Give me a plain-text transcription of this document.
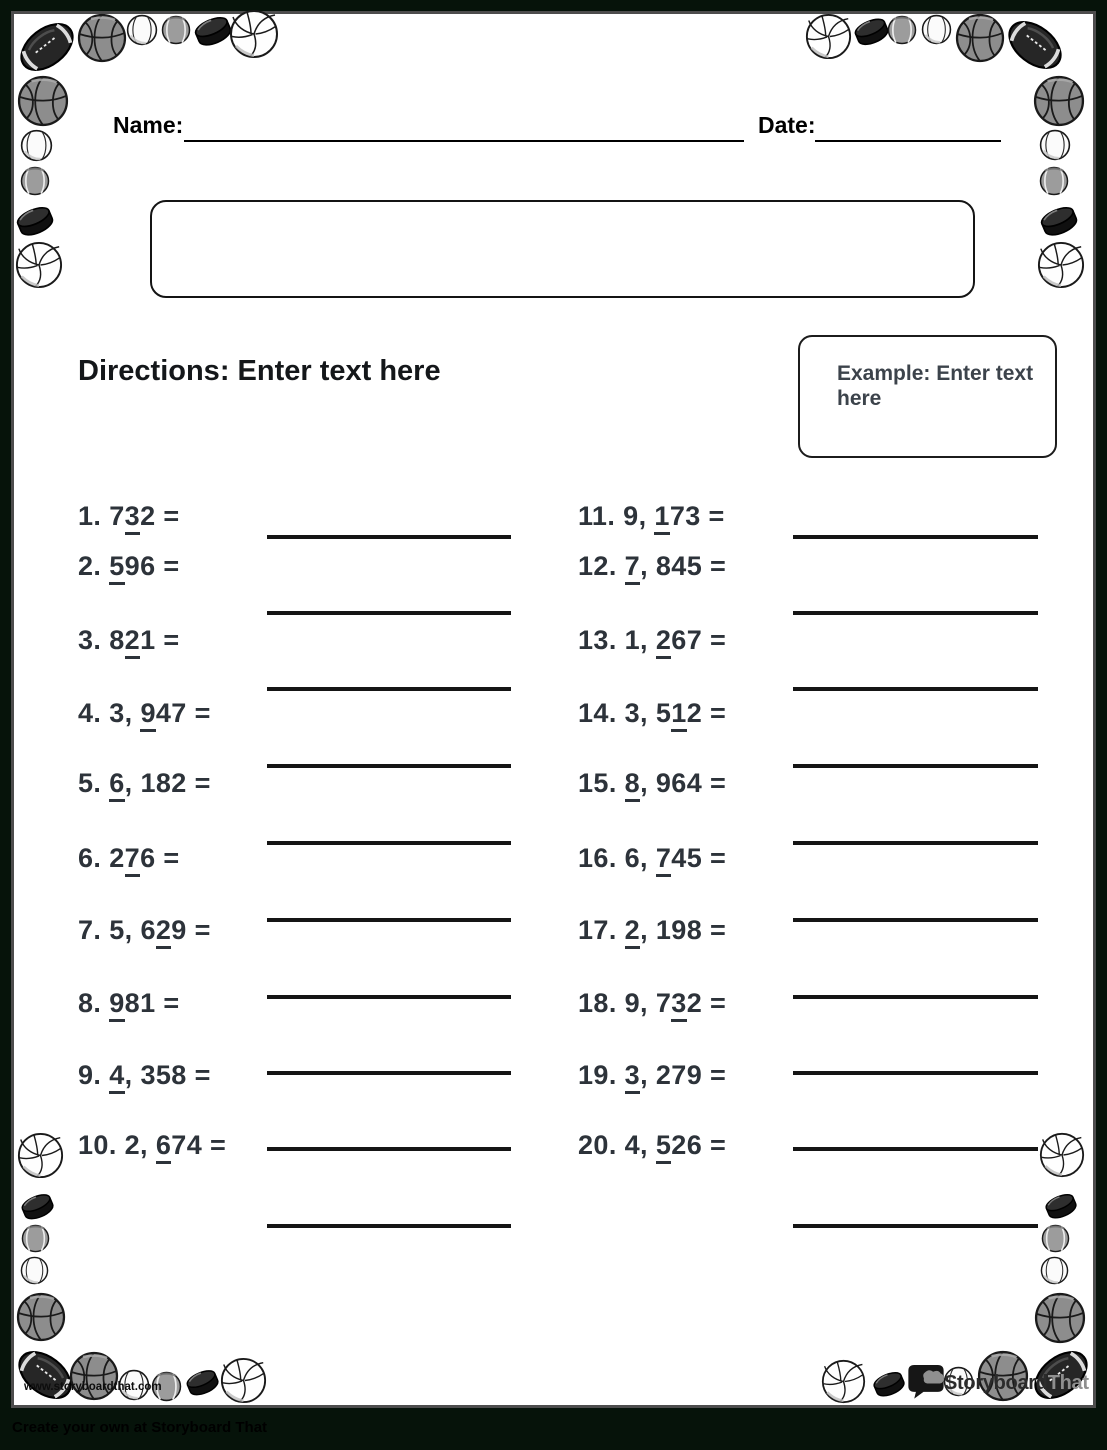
Name:	Date:
Directions: Enter text here	Example: Enter text here
1. 732 =
2. 596 =
3. 821 =
4. 3, 947 =
5. 6, 182 =
6. 276 =
7. 5, 629 =
8. 981 =
9. 4, 358 =
10. 2, 674 =
11. 9, 173 =
12. 7, 845 =
13. 1, 267 =
14. 3, 512 =
15. 8, 964 =
16. 6, 745 =
17. 2, 198 =
18. 9, 732 =
19. 3, 279 =
20. 4, 526 =
www.storyboardthat.com	StoryboardThat
Create your own at Storyboard That
